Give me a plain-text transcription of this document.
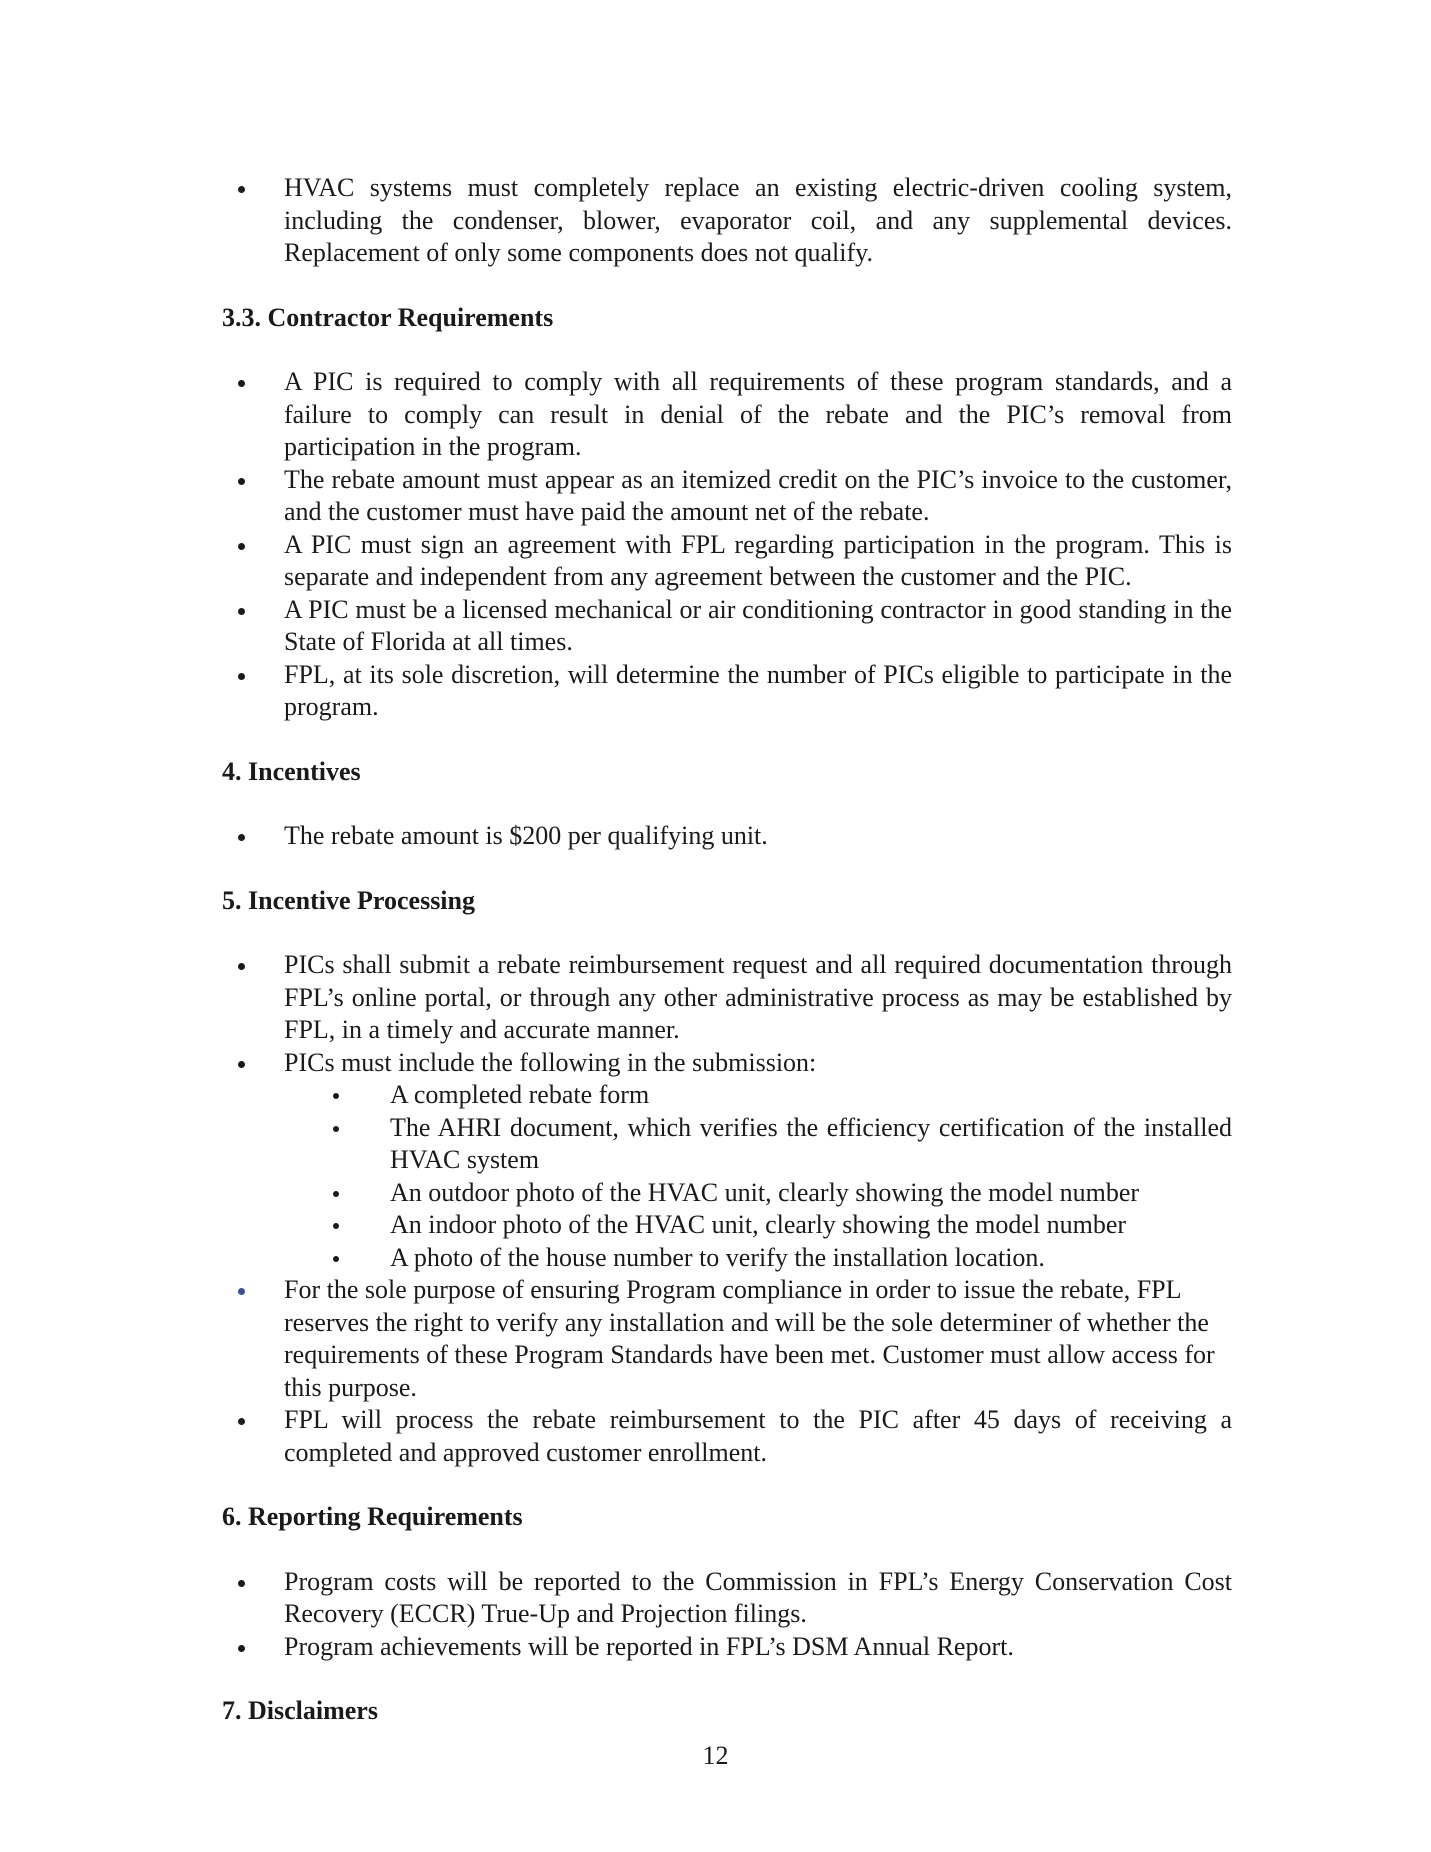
HVAC systems must completely replace an existing electric-driven cooling system, including the condenser, blower, evaporator coil, and any supplemental devices. Replacement of only some components does not qualify.
3.3. Contractor Requirements
A PIC is required to comply with all requirements of these program standards, and a failure to comply can result in denial of the rebate and the PIC’s removal from participation in the program.
The rebate amount must appear as an itemized credit on the PIC’s invoice to the customer, and the customer must have paid the amount net of the rebate.
A PIC must sign an agreement with FPL regarding participation in the program. This is separate and independent from any agreement between the customer and the PIC.
A PIC must be a licensed mechanical or air conditioning contractor in good standing in the State of Florida at all times.
FPL, at its sole discretion, will determine the number of PICs eligible to participate in the program.
4. Incentives
The rebate amount is $200 per qualifying unit.
5. Incentive Processing
PICs shall submit a rebate reimbursement request and all required documentation through FPL’s online portal, or through any other administrative process as may be established by FPL, in a timely and accurate manner.
PICs must include the following in the submission:
A completed rebate form
The AHRI document, which verifies the efficiency certification of the installed HVAC system
An outdoor photo of the HVAC unit, clearly showing the model number
An indoor photo of the HVAC unit, clearly showing the model number
A photo of the house number to verify the installation location.
For the sole purpose of ensuring Program compliance in order to issue the rebate, FPL reserves the right to verify any installation and will be the sole determiner of whether the requirements of these Program Standards have been met. Customer must allow access for this purpose.
FPL will process the rebate reimbursement to the PIC after 45 days of receiving a completed and approved customer enrollment.
6. Reporting Requirements
Program costs will be reported to the Commission in FPL’s Energy Conservation Cost Recovery (ECCR) True-Up and Projection filings.
Program achievements will be reported in FPL’s DSM Annual Report.
7. Disclaimers
12
